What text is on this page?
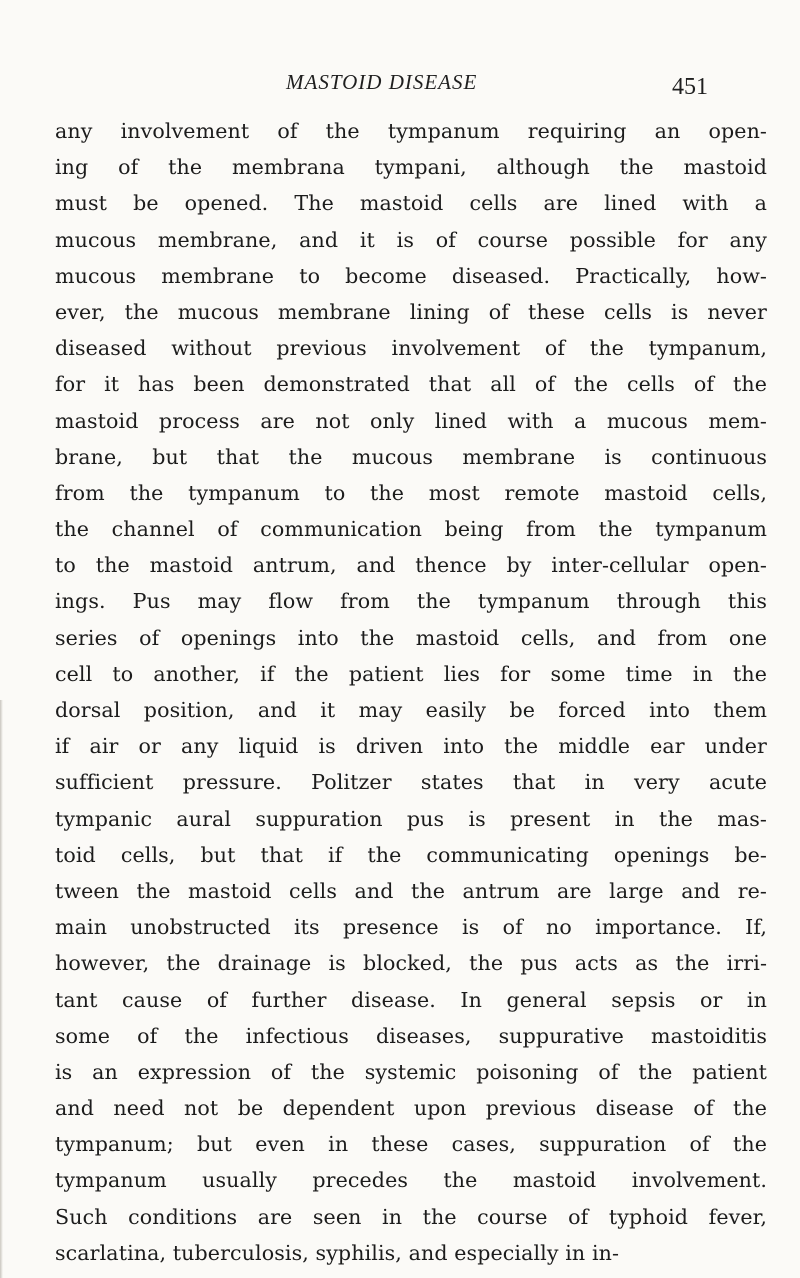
MASTOID DISEASE	451
any involvement of the tympanum requiring an open-
ing of the membrana tympani, although the mastoid
must be opened. The mastoid cells are lined with a
mucous membrane, and it is of course possible for any
mucous membrane to become diseased. Practically, how-
ever, the mucous membrane lining of these cells is never
diseased without previous involvement of the tympanum,
for it has been demonstrated that all of the cells of the
mastoid process are not only lined with a mucous mem-
brane, but that the mucous membrane is continuous
from the tympanum to the most remote mastoid cells,
the channel of communication being from the tympanum
to the mastoid antrum, and thence by inter-cellular open-
ings. Pus may flow from the tympanum through this
series of openings into the mastoid cells, and from one
cell to another, if the patient lies for some time in the
dorsal position, and it may easily be forced into them
if air or any liquid is driven into the middle ear under
sufficient pressure. Politzer states that in very acute
tympanic aural suppuration pus is present in the mas-
toid cells, but that if the communicating openings be-
tween the mastoid cells and the antrum are large and re-
main unobstructed its presence is of no importance. If,
however, the drainage is blocked, the pus acts as the irri-
tant cause of further disease. In general sepsis or in
some of the infectious diseases, suppurative mastoiditis
is an expression of the systemic poisoning of the patient
and need not be dependent upon previous disease of the
tympanum; but even in these cases, suppuration of the
tympanum usually precedes the mastoid involvement.
Such conditions are seen in the course of typhoid fever,
scarlatina, tuberculosis, syphilis, and especially in in-
